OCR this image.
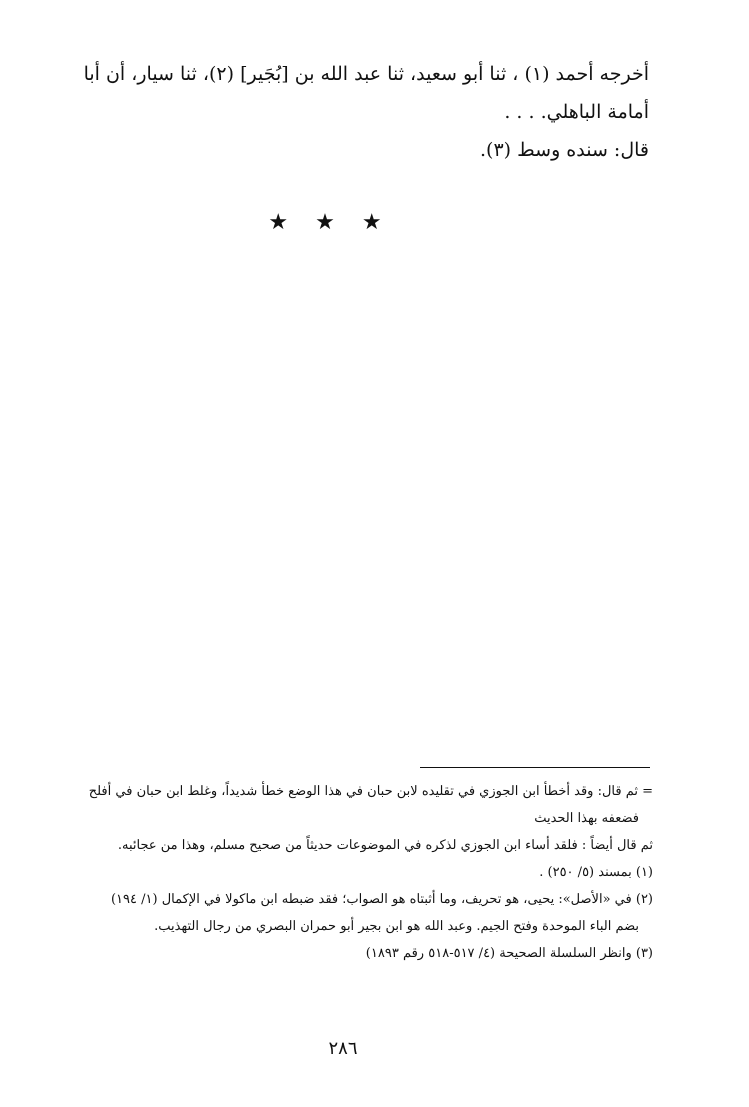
أخرجه أحمد (١) ، ثنا أبو سعيد، ثنا عبد الله بن [بُجَير] (٢)، ثنا سيار، أن أبا
أمامة الباهلي. . . .
قال: سنده وسط (٣).
★ ★ ★
= ثم قال: وقد أخطأ ابن الجوزي في تقليده لابن حبان في هذا الوضع خطأ شديداً، وغلط ابن حبان في أفلح
فضعفه بهذا الحديث
ثم قال أيضاً : فلقد أساء ابن الجوزي لذكره في الموضوعات حديثاً من صحيح مسلم، وهذا من عجائبه.
(١) بمسند (٥/ ٢٥٠) .
(٢) في «الأصل»: يحيى، هو تحريف، وما أثبتاه هو الصواب؛ فقد ضبطه ابن ماكولا في الإكمال (١/ ١٩٤)
بضم الباء الموحدة وفتح الجيم. وعبد الله هو ابن بجير أبو حمران البصري من رجال التهذيب.
(٣) وانظر السلسلة الصحيحة (٤/ ٥١٧-٥١٨ رقم ١٨٩٣)
٢٨٦
